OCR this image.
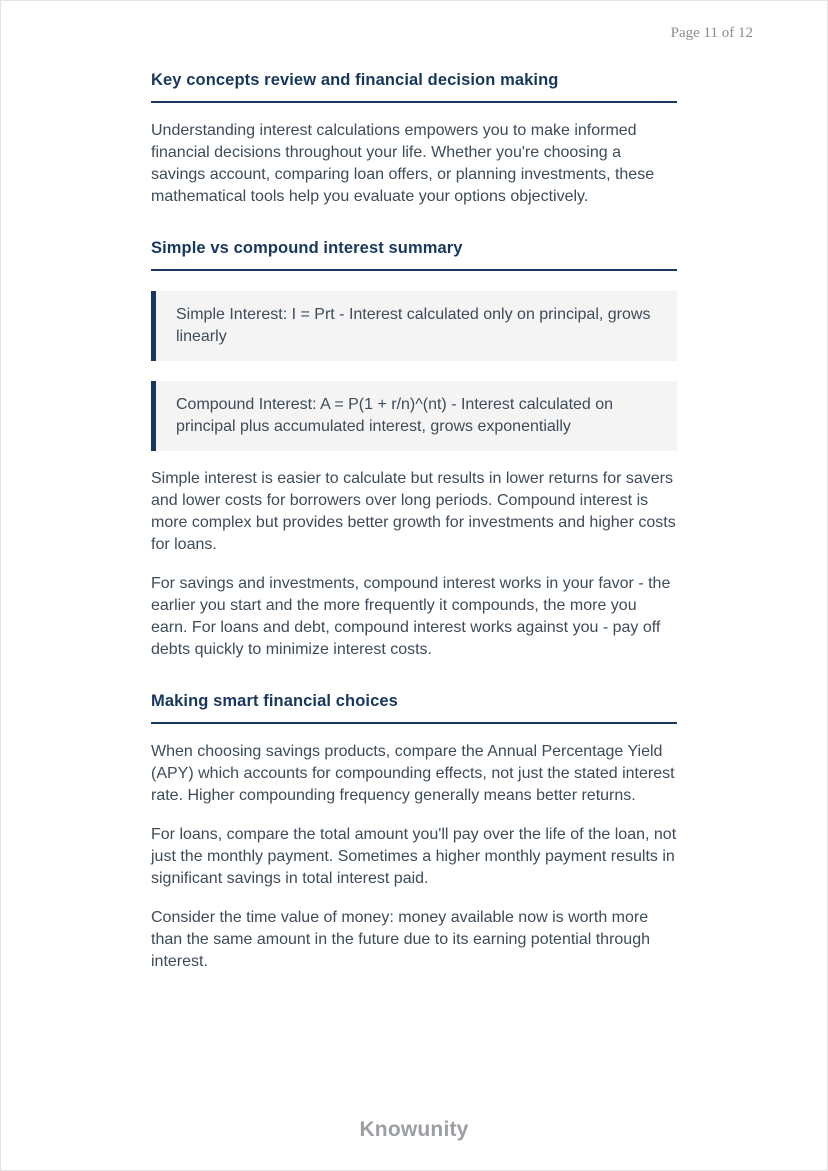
Page 11 of 12
Key concepts review and financial decision making

Understanding interest calculations empowers you to make informed financial decisions throughout your life. Whether you're choosing a savings account, comparing loan offers, or planning investments, these mathematical tools help you evaluate your options objectively.

Simple vs compound interest summary
Simple Interest: I = Prt - Interest calculated only on principal, grows linearly
Compound Interest: A = P(1 + r/n)^(nt) - Interest calculated on principal plus accumulated interest, grows exponentially

Simple interest is easier to calculate but results in lower returns for savers and lower costs for borrowers over long periods. Compound interest is more complex but provides better growth for investments and higher costs for loans.

For savings and investments, compound interest works in your favor - the earlier you start and the more frequently it compounds, the more you earn. For loans and debt, compound interest works against you - pay off debts quickly to minimize interest costs.

Making smart financial choices

When choosing savings products, compare the Annual Percentage Yield (APY) which accounts for compounding effects, not just the stated interest rate. Higher compounding frequency generally means better returns.

For loans, compare the total amount you'll pay over the life of the loan, not just the monthly payment. Sometimes a higher monthly payment results in significant savings in total interest paid.

Consider the time value of money: money available now is worth more than the same amount in the future due to its earning potential through interest.

Knowunity
